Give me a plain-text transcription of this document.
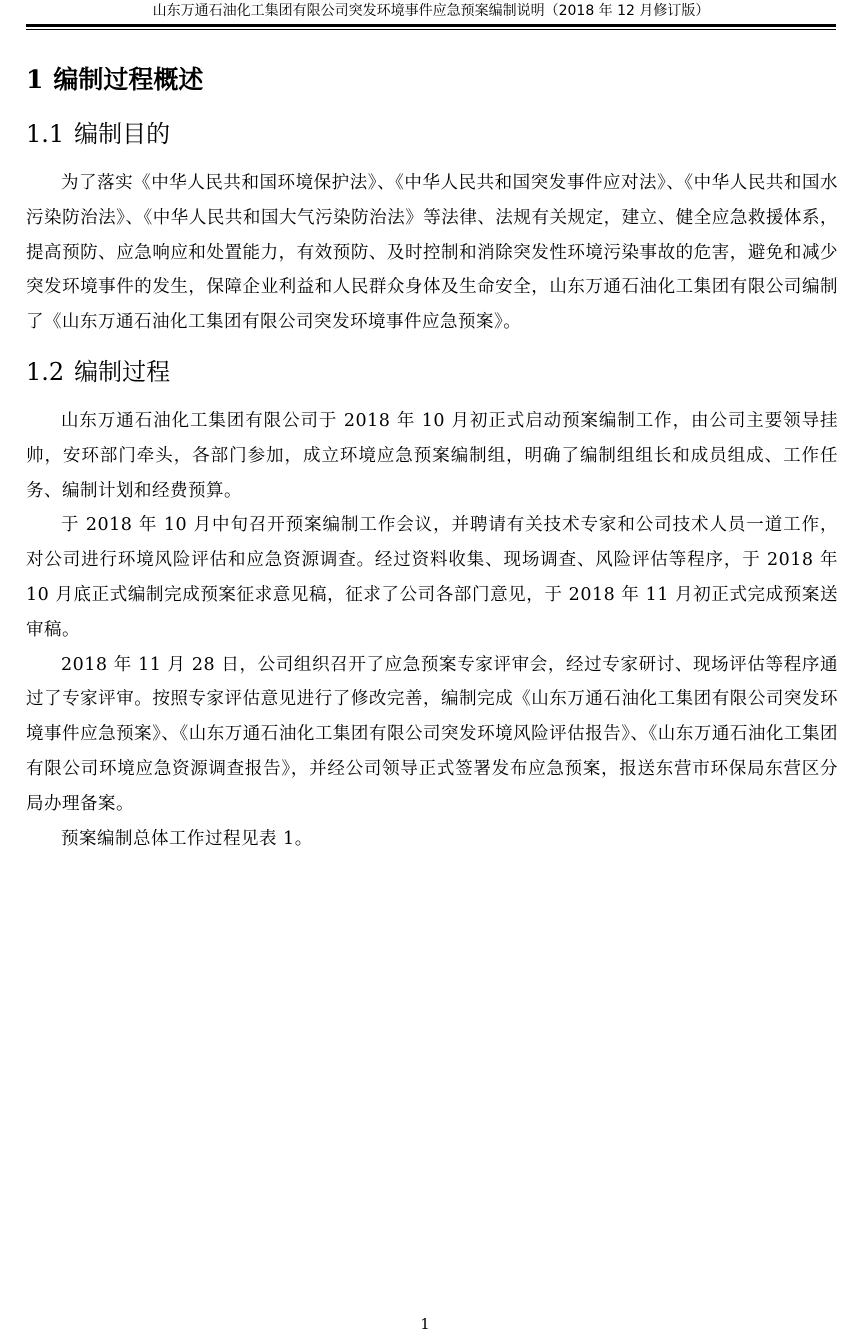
山东万通石油化工集团有限公司突发环境事件应急预案编制说明（2018 年 12 月修订版）
1 编制过程概述
1.1 编制目的

为了落实《中华人民共和国环境保护法》、《中华人民共和国突发事件应对法》、《中华人民共和国水污染防治法》、《中华人民共和国大气污染防治法》等法律、法规有关规定，建立、健全应急救援体系，提高预防、应急响应和处置能力，有效预防、及时控制和消除突发性环境污染事故的危害，避免和减少突发环境事件的发生，保障企业利益和人民群众身体及生命安全，山东万通石油化工集团有限公司编制了《山东万通石油化工集团有限公司突发环境事件应急预案》。

1.2 编制过程

山东万通石油化工集团有限公司于 2018 年 10 月初正式启动预案编制工作，由公司主要领导挂帅，安环部门牵头，各部门参加，成立环境应急预案编制组，明确了编制组组长和成员组成、工作任务、编制计划和经费预算。

于 2018 年 10 月中旬召开预案编制工作会议，并聘请有关技术专家和公司技术人员一道工作，对公司进行环境风险评估和应急资源调查。经过资料收集、现场调查、风险评估等程序，于 2018 年 10 月底正式编制完成预案征求意见稿，征求了公司各部门意见，于 2018 年 11 月初正式完成预案送审稿。

2018 年 11 月 28 日，公司组织召开了应急预案专家评审会，经过专家研讨、现场评估等程序通过了专家评审。按照专家评估意见进行了修改完善，编制完成《山东万通石油化工集团有限公司突发环境事件应急预案》、《山东万通石油化工集团有限公司突发环境风险评估报告》、《山东万通石油化工集团有限公司环境应急资源调查报告》，并经公司领导正式签署发布应急预案，报送东营市环保局东营区分局办理备案。

预案编制总体工作过程见表 1。

1
